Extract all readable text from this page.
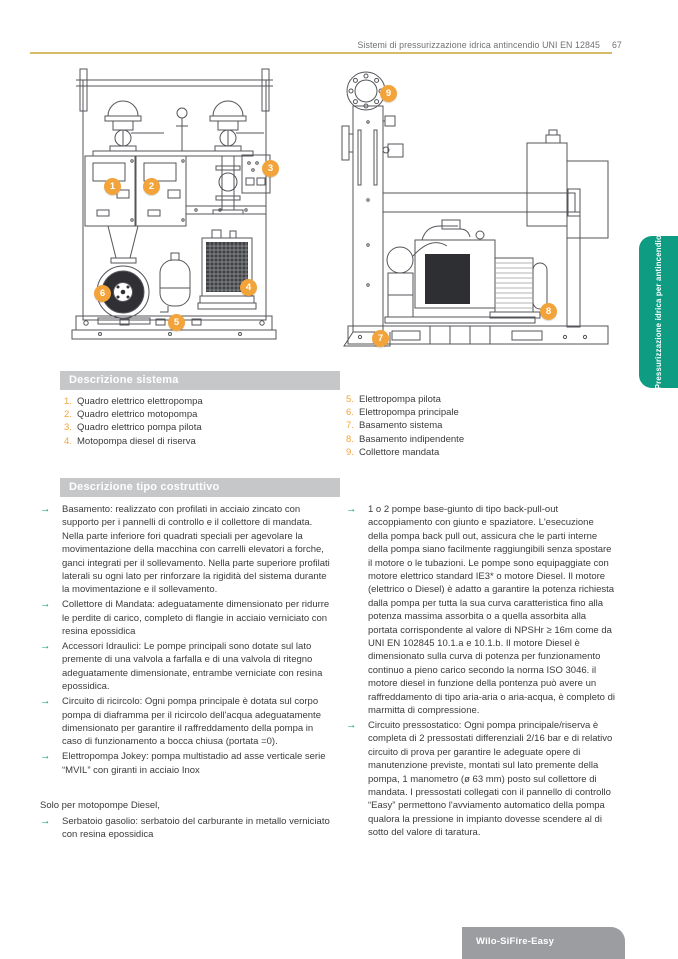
Sistemi di pressurizzazione idrica antincendio UNI EN 12845 67
1	2
3
4
5
6
7
8
9
Pressurizzazione idrica per antincendio
Descrizione sistema
1. Quadro elettrico elettropompa
2. Quadro elettrico motopompa
3. Quadro elettrico pompa pilota
4. Motopompa diesel di riserva
5. Elettropompa pilota
6. Elettropompa principale
7. Basamento sistema
8. Basamento indipendente
9. Collettore mandata
Descrizione tipo costruttivo
→	Basamento: realizzato con profilati in acciaio zincato con supporto per i pannelli di controllo e il collettore di mandata. Nella parte inferiore fori quadrati speciali per agevolare la movimentazione della macchina con carrelli elevatori a forche, ganci integrati per il sollevamento. Nella parte superiore profilati laterali su ogni lato per rinforzare la rigidità del sistema durante la movimentazione e il sollevamento.
→	Collettore di Mandata: adeguatamente dimensionato per ridurre le perdite di carico, completo di flangie in acciaio verniciato con resina epossidica
→	Accessori Idraulici: Le pompe principali sono dotate sul lato premente di una valvola a farfalla e di una valvola di ritegno adeguatamente dimensionate, entrambe verniciate con resina epossidica.
→	Circuito di ricircolo: Ogni pompa principale è dotata sul corpo pompa di diaframma per il ricircolo dell'acqua adeguatamente dimensionato per garantire il raffreddamento della pompa in caso di funzionamento a bocca chiusa (portata =0).
→	Elettropompa Jokey: pompa multistadio ad asse verticale serie “MVIL” con giranti in acciaio Inox
Solo per motopompe Diesel,
→	Serbatoio gasolio: serbatoio del carburante in metallo verniciato con resina epossidica
→	1 o 2 pompe base-giunto di tipo back-pull-out accoppiamento con giunto e spaziatore. L'esecuzione della pompa back pull out, assicura che le parti interne della pompa siano facilmente raggiungibili senza spostare il motore o le tubazioni. Le pompe sono equipaggiate con motore elettrico standard IE3* o motore Diesel. Il motore (elettrico o Diesel) è adatto a garantire la potenza richiesta dalla pompa per tutta la sua curva caratteristica fino alla potenza massima assorbita o a quella assorbita alla portata corrispondente al valore di NPSHr ≥ 16m come da UNI EN 102845 10.1.a e 10.1.b. Il motore Diesel è dimensionato sulla curva di potenza per funzionamento continuo a pieno carico secondo la norma ISO 3046. il motore diesel in funzione della pontenza può avere un raffreddamento di tipo aria-aria o aria-acqua, è completo di marmitta di compressione.
→	Circuito pressostatico: Ogni pompa principale/riserva è completa di 2 pressostati differenziali 2/16 bar e di relativo circuito di prova per garantire le adeguate opere di manutenzione previste, montati sul lato premente della pompa, 1 manometro (ø 63 mm) posto sul collettore di mandata. I pressostati collegati con il pannello di controllo “Easy” permettono l'avviamento automatico della pompa qualora la pressione in impianto dovesse scendere al di sotto del valore di taratura.
Wilo-SiFire-Easy
